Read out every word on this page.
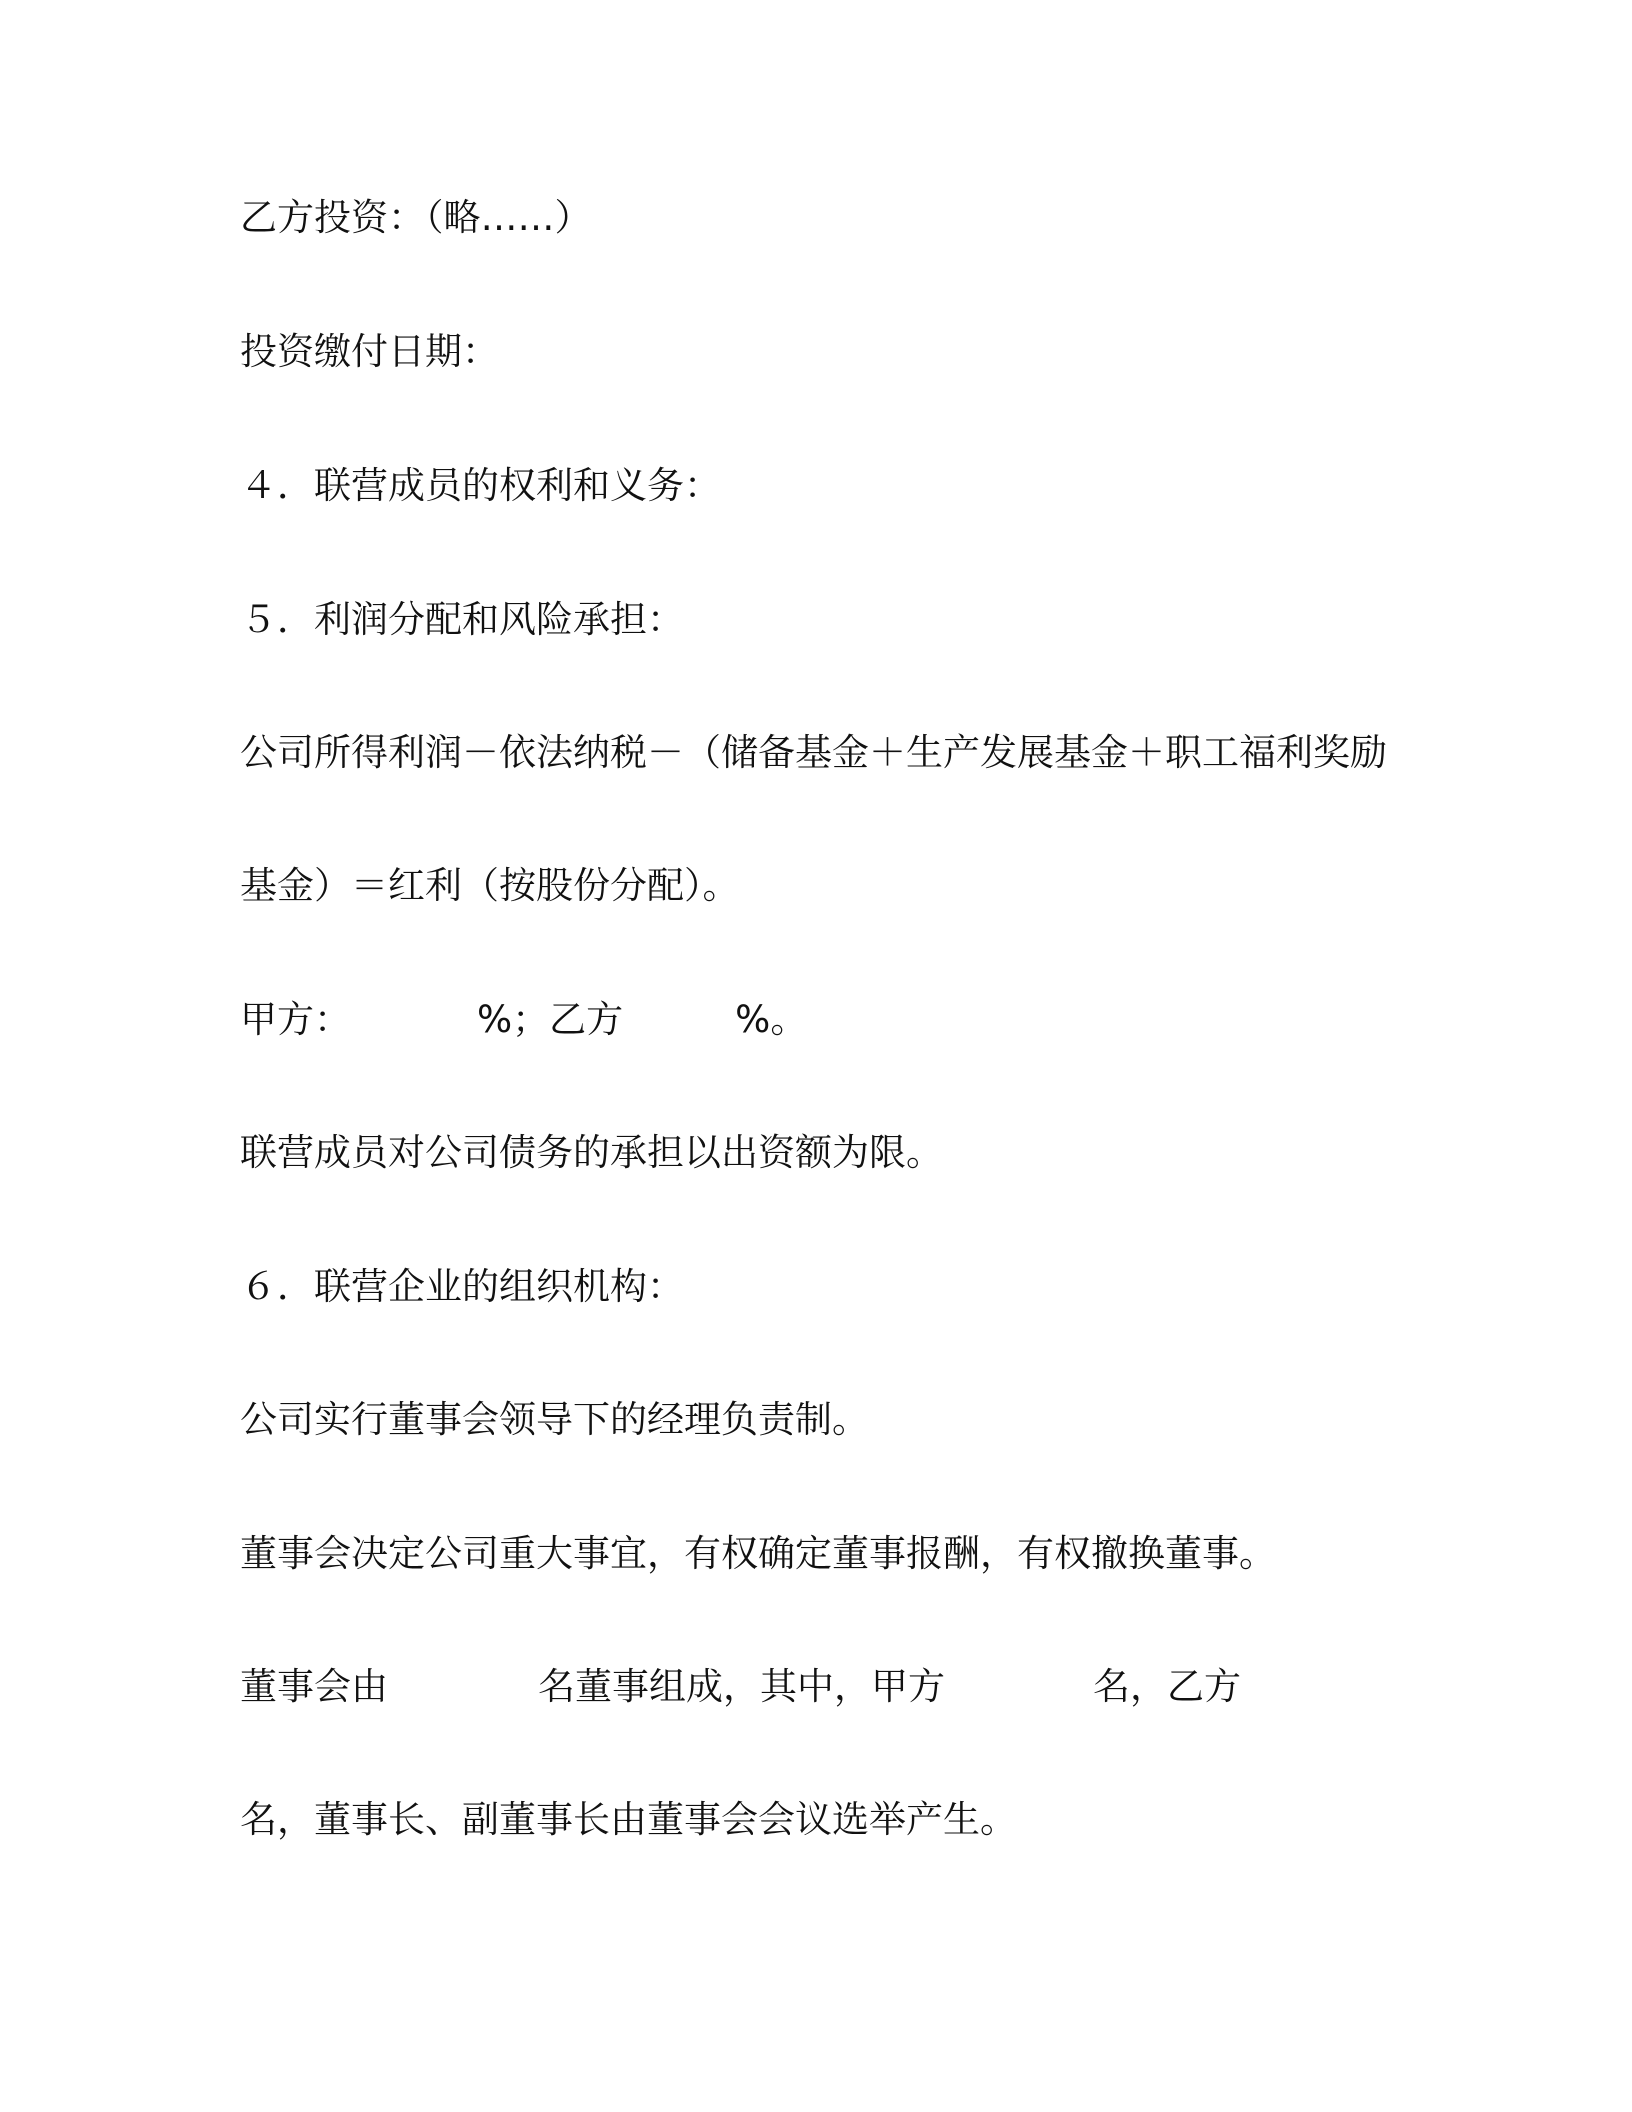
乙方投资：（略……）
投资缴付日期：
４．联营成员的权利和义务：
５．利润分配和风险承担：
公司所得利润－依法纳税－（储备基金＋生产发展基金＋职工福利奖励
基金）＝红利（按股份分配）。
甲方：	%；乙方	%。
联营成员对公司债务的承担以出资额为限。
６．联营企业的组织机构：
公司实行董事会领导下的经理负责制。
董事会决定公司重大事宜，有权确定董事报酬，有权撤换董事。
董事会由	名董事组成，其中，甲方	名，乙方
名，董事长、副董事长由董事会会议选举产生。
